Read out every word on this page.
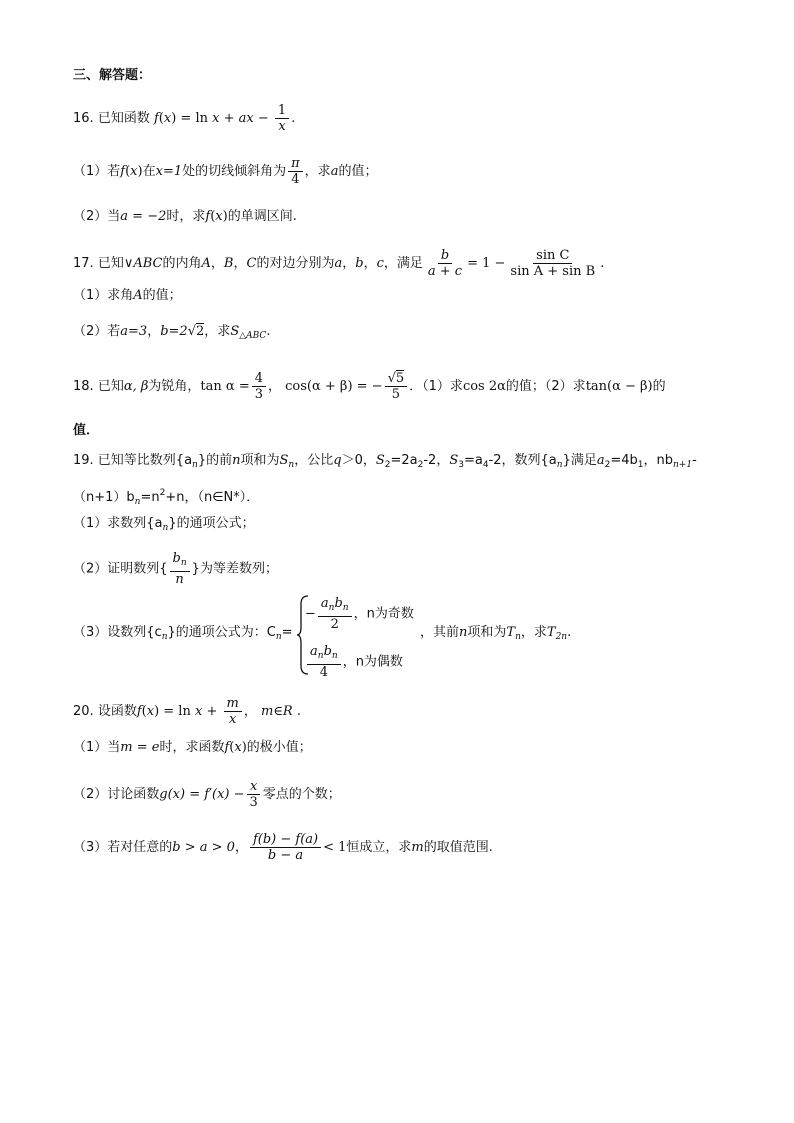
三、解答题：
16. 已知函数 f(x) = ln x + ax − $\frac{1}{x}$ .
（1）若f(x)在x=1处的切线倾斜角为 $\frac{\pi}{4}$ ，求a的值；
（2）当a = −2时，求f(x)的单调区间.
17. 已知∨ABC的内角A，B，C的对边分别为a，b，c，满足 $\frac{b}{a + c} = 1 - \frac{\text{sin C}}{\text{sin A + sin B}}$ .
（1）求角A的值；
（2）若a=3，b=2√2，求$S_{\triangle ABC}$.
18. 已知α, β为锐角，$\tan \alpha = \frac{4}{3}$ ， cos(α + β) = − $\frac{√5}{5}$ ．（1）求cos 2α的值；（2）求tan(α − β)的
值．
19. 已知等比数列$\{a_n\}$的前n项和为$S_n$，公比q＞0，$S_2=2a_2-2$，$S_3=a_4-2$，数列$\{a_n\}$满足$a_2=4b_1$，$nb_{n+1}-$
$(n+1)b_n=n^2+n$，（n∈N*）．
（1）求数列$\{a_n\}$的通项公式；
（2）证明数列{ $\frac{b_n}{n}$ }为等差数列；
（3）设数列$\{c_n\}$的通项公式为：$C_n=$
− $\frac{a_nb_n}{2}$ ，n为奇数
$\frac{a_nb_n}{4}$ ，n为偶数
，其前n项和为$T_n$，求$T_{2n}$.
20. 设函数$f(x) = \ln x + \frac{m}{x}$ ， m∈R .
（1）当m = e时，求函数f(x)的极小值；
（2）讨论函数$g(x) = f'(x) - \frac{x}{3}$ 零点的个数；
（3）若对任意的b > a > 0， $\frac{f(b) - f(a)}{b - a} < 1$恒成立，求m的取值范围.
